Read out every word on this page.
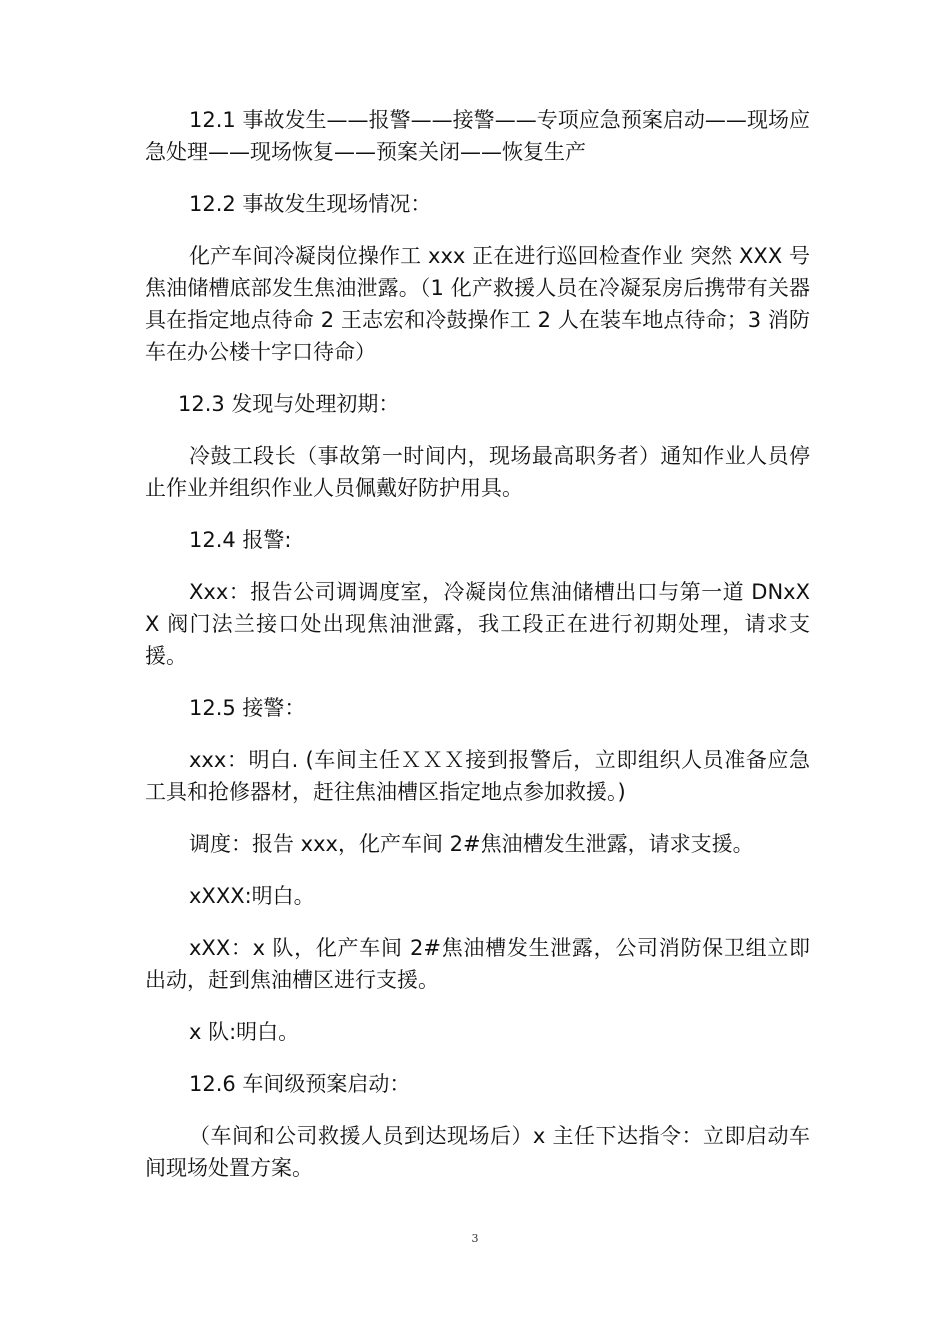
12.1 事故发生——报警——接警——专项应急预案启动——现场应急处理——现场恢复——预案关闭——恢复生产

12.2 事故发生现场情况：

化产车间冷凝岗位操作工 xxx 正在进行巡回检查作业 突然 XXX 号焦油储槽底部发生焦油泄露。（1 化产救援人员在冷凝泵房后携带有关器具在指定地点待命 2 王志宏和冷鼓操作工 2 人在装车地点待命；3 消防车在办公楼十字口待命）

12.3 发现与处理初期：

冷鼓工段长（事故第一时间内，现场最高职务者）通知作业人员停止作业并组织作业人员佩戴好防护用具。

12.4 报警:

Xxx：报告公司调调度室，冷凝岗位焦油储槽出口与第一道 DNxXX 阀门法兰接口处出现焦油泄露，我工段正在进行初期处理，请求支援。

12.5 接警：

xxx：明白. (车间主任ＸＸＸ接到报警后，立即组织人员准备应急工具和抢修器材，赶往焦油槽区指定地点参加救援。)

调度：报告 xxx，化产车间 2#焦油槽发生泄露，请求支援。

xXXX:明白。

xXX：x 队，化产车间 2#焦油槽发生泄露，公司消防保卫组立即出动，赶到焦油槽区进行支援。

x 队:明白。

12.6 车间级预案启动：

（车间和公司救援人员到达现场后）x 主任下达指令：立即启动车间现场处置方案。

3
